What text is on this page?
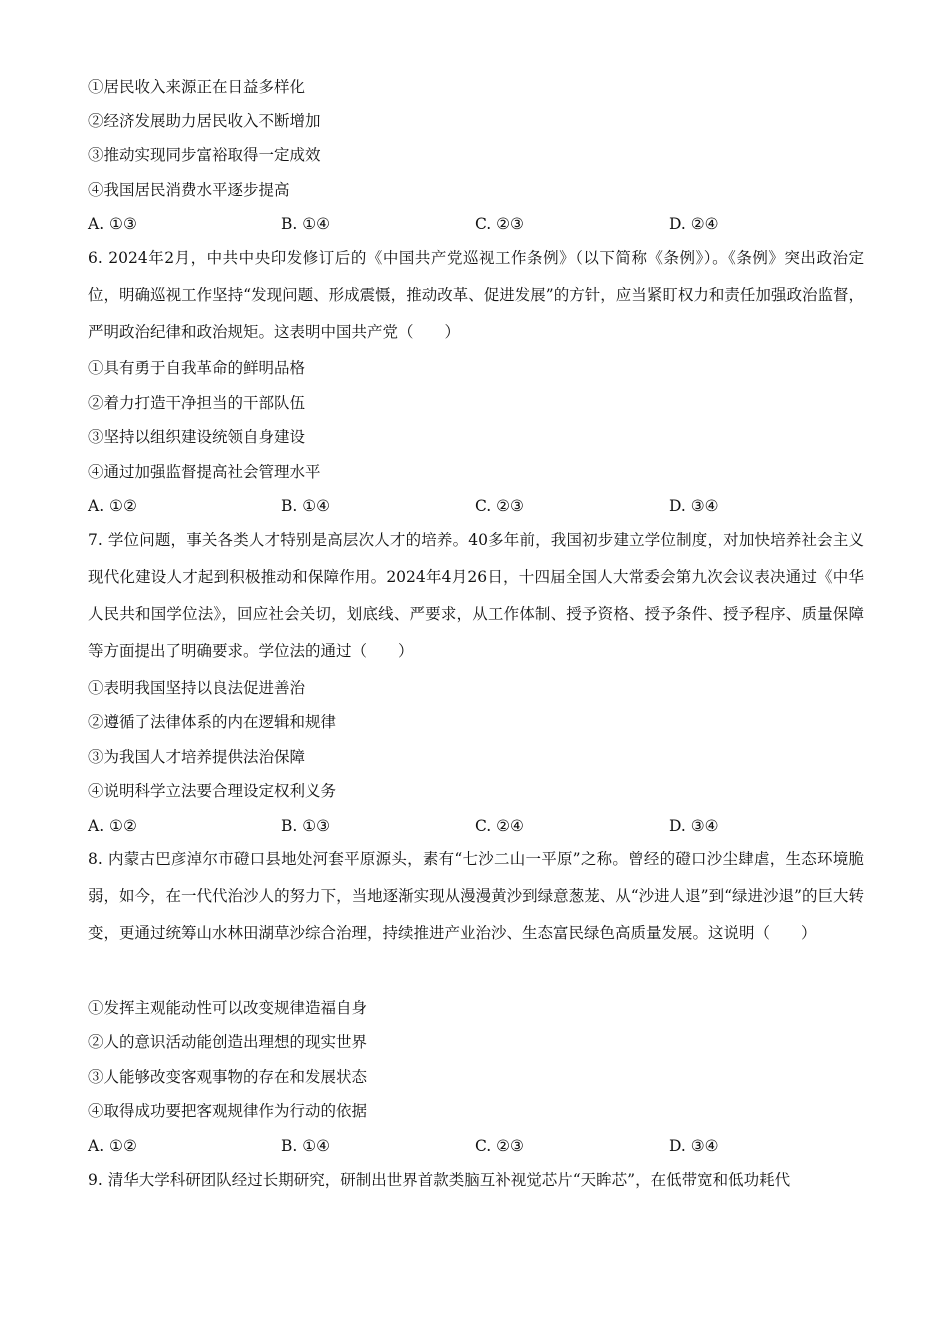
①居民收入来源正在日益多样化
②经济发展助力居民收入不断增加
③推动实现同步富裕取得一定成效
④我国居民消费水平逐步提高
A. ①③	B. ①④	C. ②③	D. ②④
6. 2024年2月，中共中央印发修订后的《中国共产党巡视工作条例》（以下简称《条例》）。《条例》突出政治定位，明确巡视工作坚持“发现问题、形成震慑，推动改革、促进发展”的方针，应当紧盯权力和责任加强政治监督，严明政治纪律和政治规矩。这表明中国共产党（　　）
①具有勇于自我革命的鲜明品格
②着力打造干净担当的干部队伍
③坚持以组织建设统领自身建设
④通过加强监督提高社会管理水平
A. ①②	B. ①④	C. ②③	D. ③④
7. 学位问题，事关各类人才特别是高层次人才的培养。40多年前，我国初步建立学位制度，对加快培养社会主义现代化建设人才起到积极推动和保障作用。2024年4月26日，十四届全国人大常委会第九次会议表决通过《中华人民共和国学位法》，回应社会关切，划底线、严要求，从工作体制、授予资格、授予条件、授予程序、质量保障等方面提出了明确要求。学位法的通过（　　）
①表明我国坚持以良法促进善治
②遵循了法律体系的内在逻辑和规律
③为我国人才培养提供法治保障
④说明科学立法要合理设定权利义务
A. ①②	B. ①③	C. ②④	D. ③④
8. 内蒙古巴彦淖尔市磴口县地处河套平原源头，素有“七沙二山一平原”之称。曾经的磴口沙尘肆虐，生态环境脆弱，如今，在一代代治沙人的努力下，当地逐渐实现从漫漫黄沙到绿意葱茏、从“沙进人退”到“绿进沙退”的巨大转变，更通过统筹山水林田湖草沙综合治理，持续推进产业治沙、生态富民绿色高质量发展。这说明（　　）
①发挥主观能动性可以改变规律造福自身
②人的意识活动能创造出理想的现实世界
③人能够改变客观事物的存在和发展状态
④取得成功要把客观规律作为行动的依据
A. ①②	B. ①④	C. ②③	D. ③④
9. 清华大学科研团队经过长期研究，研制出世界首款类脑互补视觉芯片“天眸芯”，在低带宽和低功耗代
